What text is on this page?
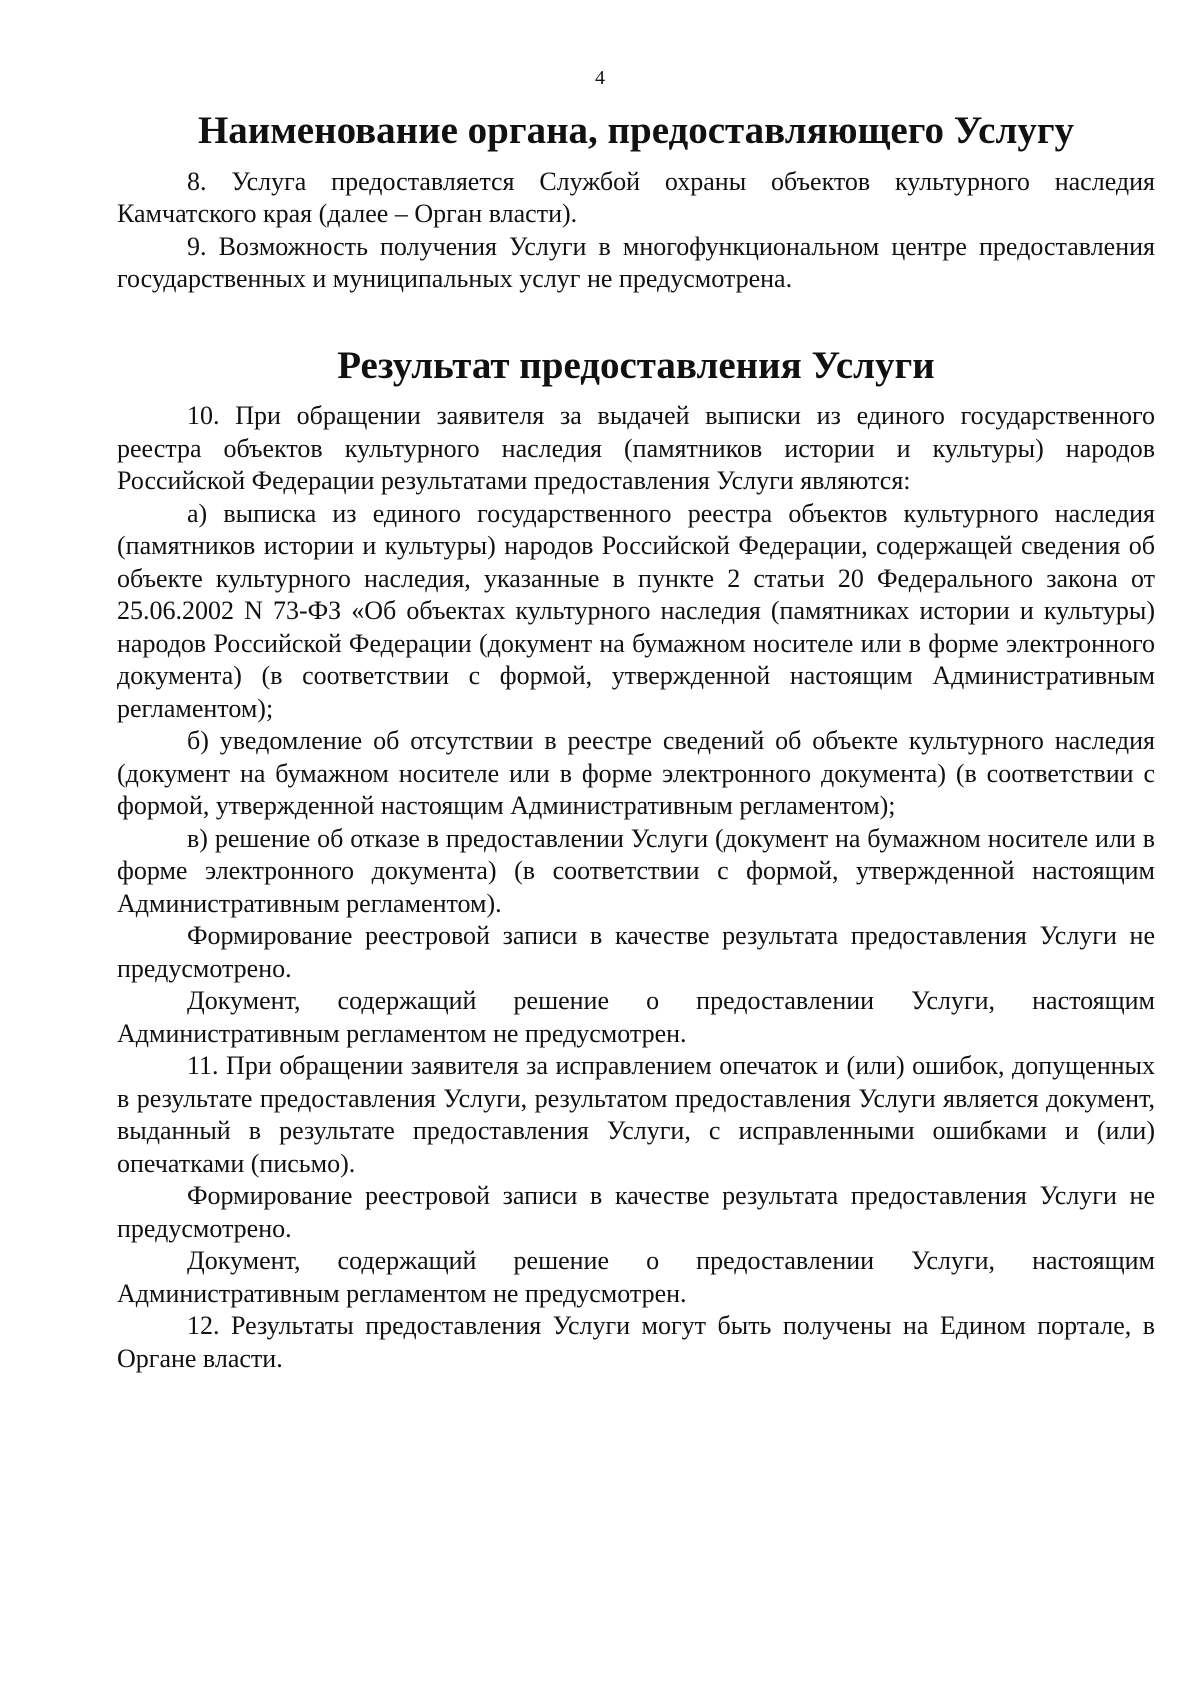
4
Наименование органа, предоставляющего Услугу

8. Услуга предоставляется Службой охраны объектов культурного наследия Камчатского края (далее – Орган власти).

9. Возможность получения Услуги в многофункциональном центре предоставления государственных и муниципальных услуг не предусмотрена.

Результат предоставления Услуги

10. При обращении заявителя за выдачей выписки из единого государственного реестра объектов культурного наследия (памятников истории и культуры) народов Российской Федерации результатами предоставления Услуги являются:

а) выписка из единого государственного реестра объектов культурного наследия (памятников истории и культуры) народов Российской Федерации, содержащей сведения об объекте культурного наследия, указанные в пункте 2 статьи 20 Федерального закона от 25.06.2002 N 73-ФЗ «Об объектах культурного наследия (памятниках истории и культуры) народов Российской Федерации (документ на бумажном носителе или в форме электронного документа) (в соответствии с формой, утвержденной настоящим Административным регламентом);

б) уведомление об отсутствии в реестре сведений об объекте культурного наследия (документ на бумажном носителе или в форме электронного документа) (в соответствии с формой, утвержденной настоящим Административным регламентом);

в) решение об отказе в предоставлении Услуги (документ на бумажном носителе или в форме электронного документа) (в соответствии с формой, утвержденной настоящим Административным регламентом).

Формирование реестровой записи в качестве результата предоставления Услуги не предусмотрено.

Документ, содержащий решение о предоставлении Услуги, настоящим Административным регламентом не предусмотрен.

11. При обращении заявителя за исправлением опечаток и (или) ошибок, допущенных в результате предоставления Услуги, результатом предоставления Услуги является документ, выданный в результате предоставления Услуги, с исправленными ошибками и (или) опечатками (письмо).

Формирование реестровой записи в качестве результата предоставления Услуги не предусмотрено.

Документ, содержащий решение о предоставлении Услуги, настоящим Административным регламентом не предусмотрен.

12. Результаты предоставления Услуги могут быть получены на Едином портале, в Органе власти.
